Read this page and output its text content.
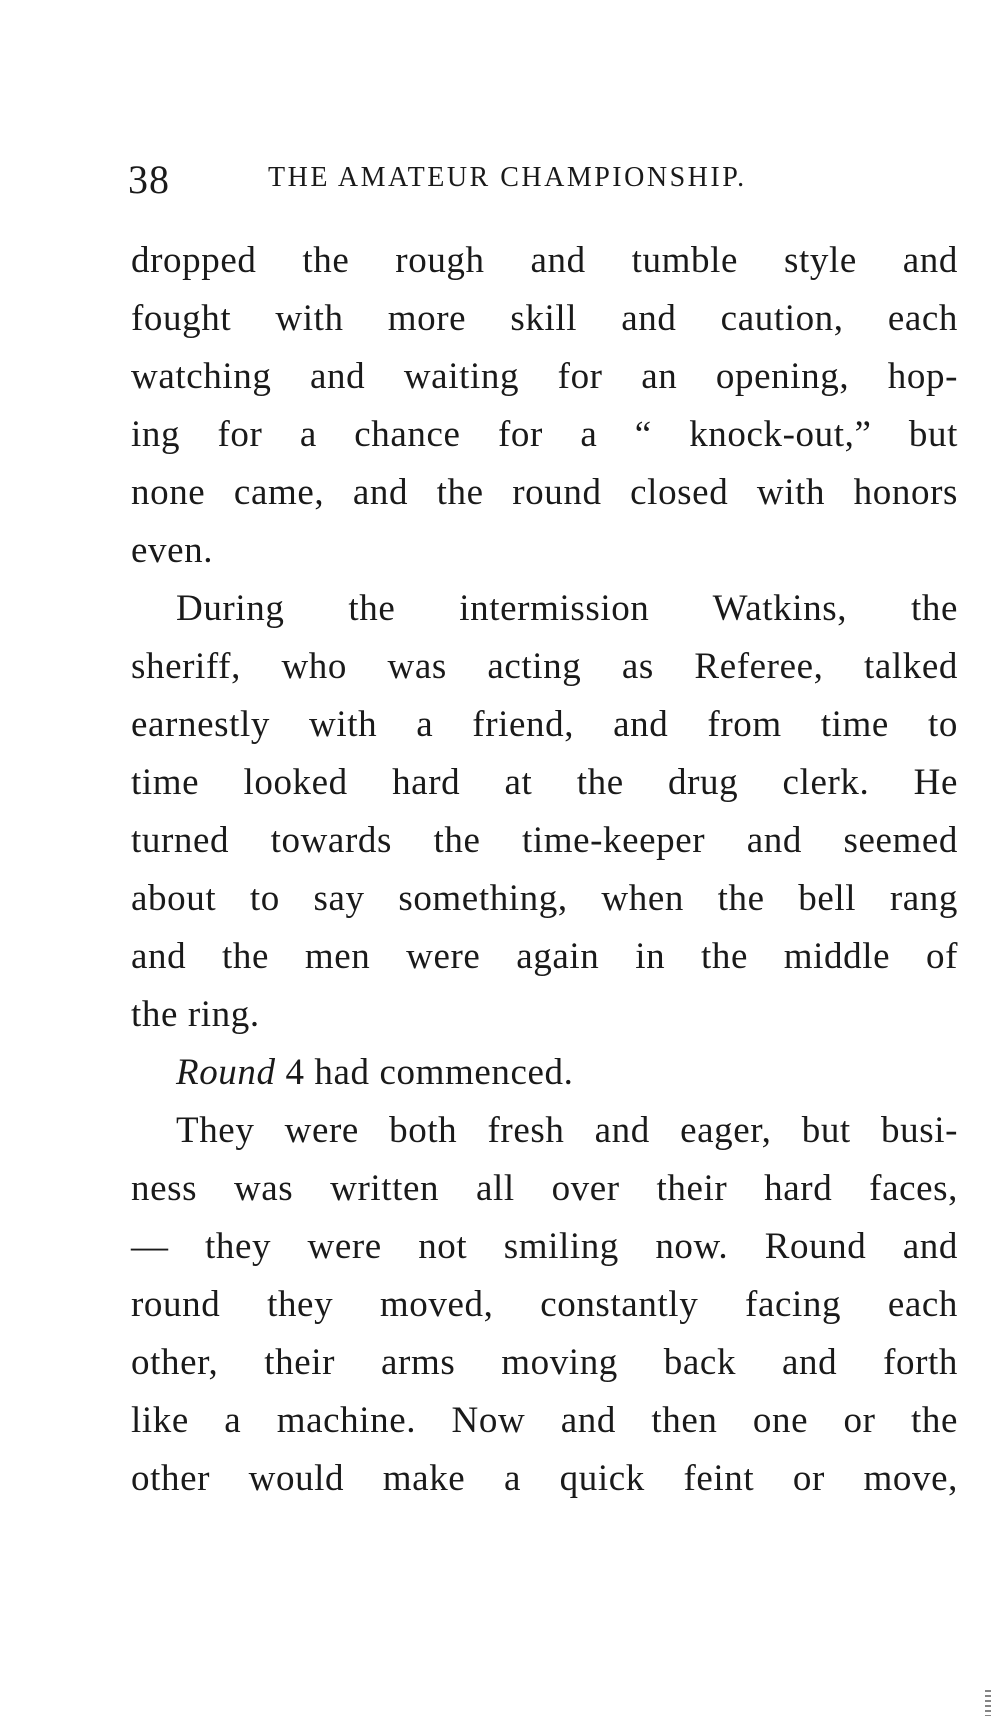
38	THE AMATEUR CHAMPIONSHIP.
dropped the rough and tumble style and
fought with more skill and caution, each
watching and waiting for an opening, hop-
ing for a chance for a “ knock-out,” but
none came, and the round closed with honors
even.
During the intermission Watkins, the
sheriff, who was acting as Referee, talked
earnestly with a friend, and from time to
time looked hard at the drug clerk. He
turned towards the time-keeper and seemed
about to say something, when the bell rang
and the men were again in the middle of
the ring.
Round 4 had commenced.
They were both fresh and eager, but busi-
ness was written all over their hard faces,
— they were not smiling now. Round and
round they moved, constantly facing each
other, their arms moving back and forth
like a machine. Now and then one or the
other would make a quick feint or move,
